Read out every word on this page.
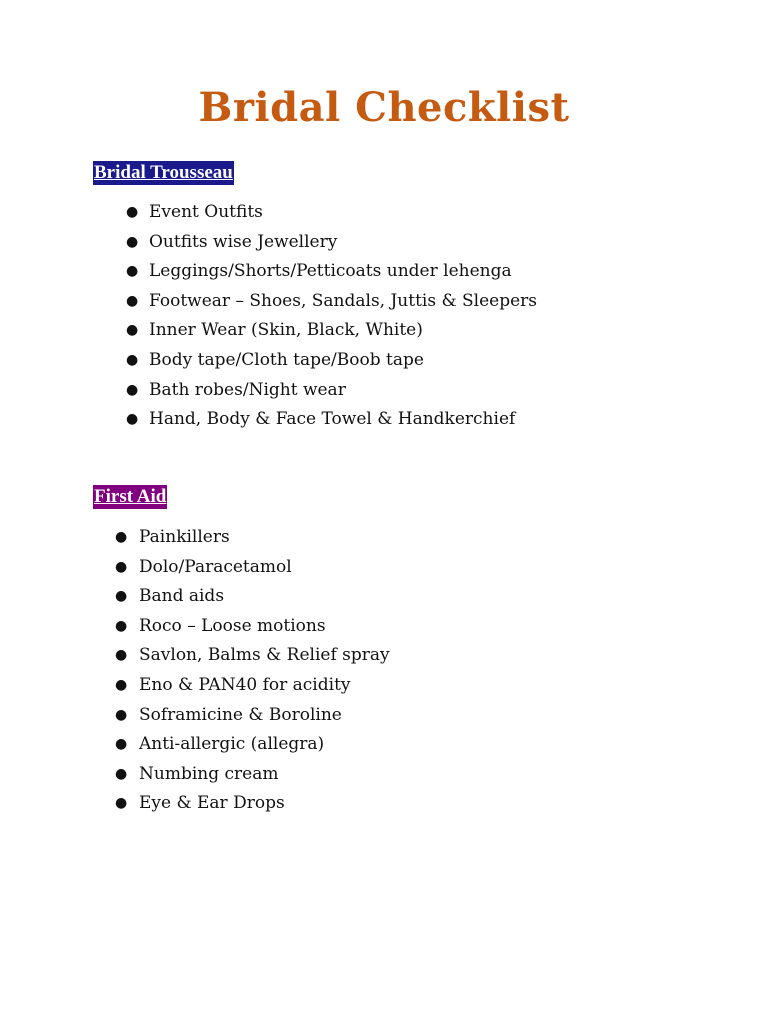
Bridal Checklist
Bridal Trousseau
● Event Outfits
● Outfits wise Jewellery
● Leggings/Shorts/Petticoats under lehenga
● Footwear – Shoes, Sandals, Juttis & Sleepers
● Inner Wear (Skin, Black, White)
● Body tape/Cloth tape/Boob tape
● Bath robes/Night wear
● Hand, Body & Face Towel & Handkerchief
First Aid
● Painkillers
● Dolo/Paracetamol
● Band aids
● Roco – Loose motions
● Savlon, Balms & Relief spray
● Eno & PAN40 for acidity
● Soframicine & Boroline
● Anti-allergic (allegra)
● Numbing cream
● Eye & Ear Drops
